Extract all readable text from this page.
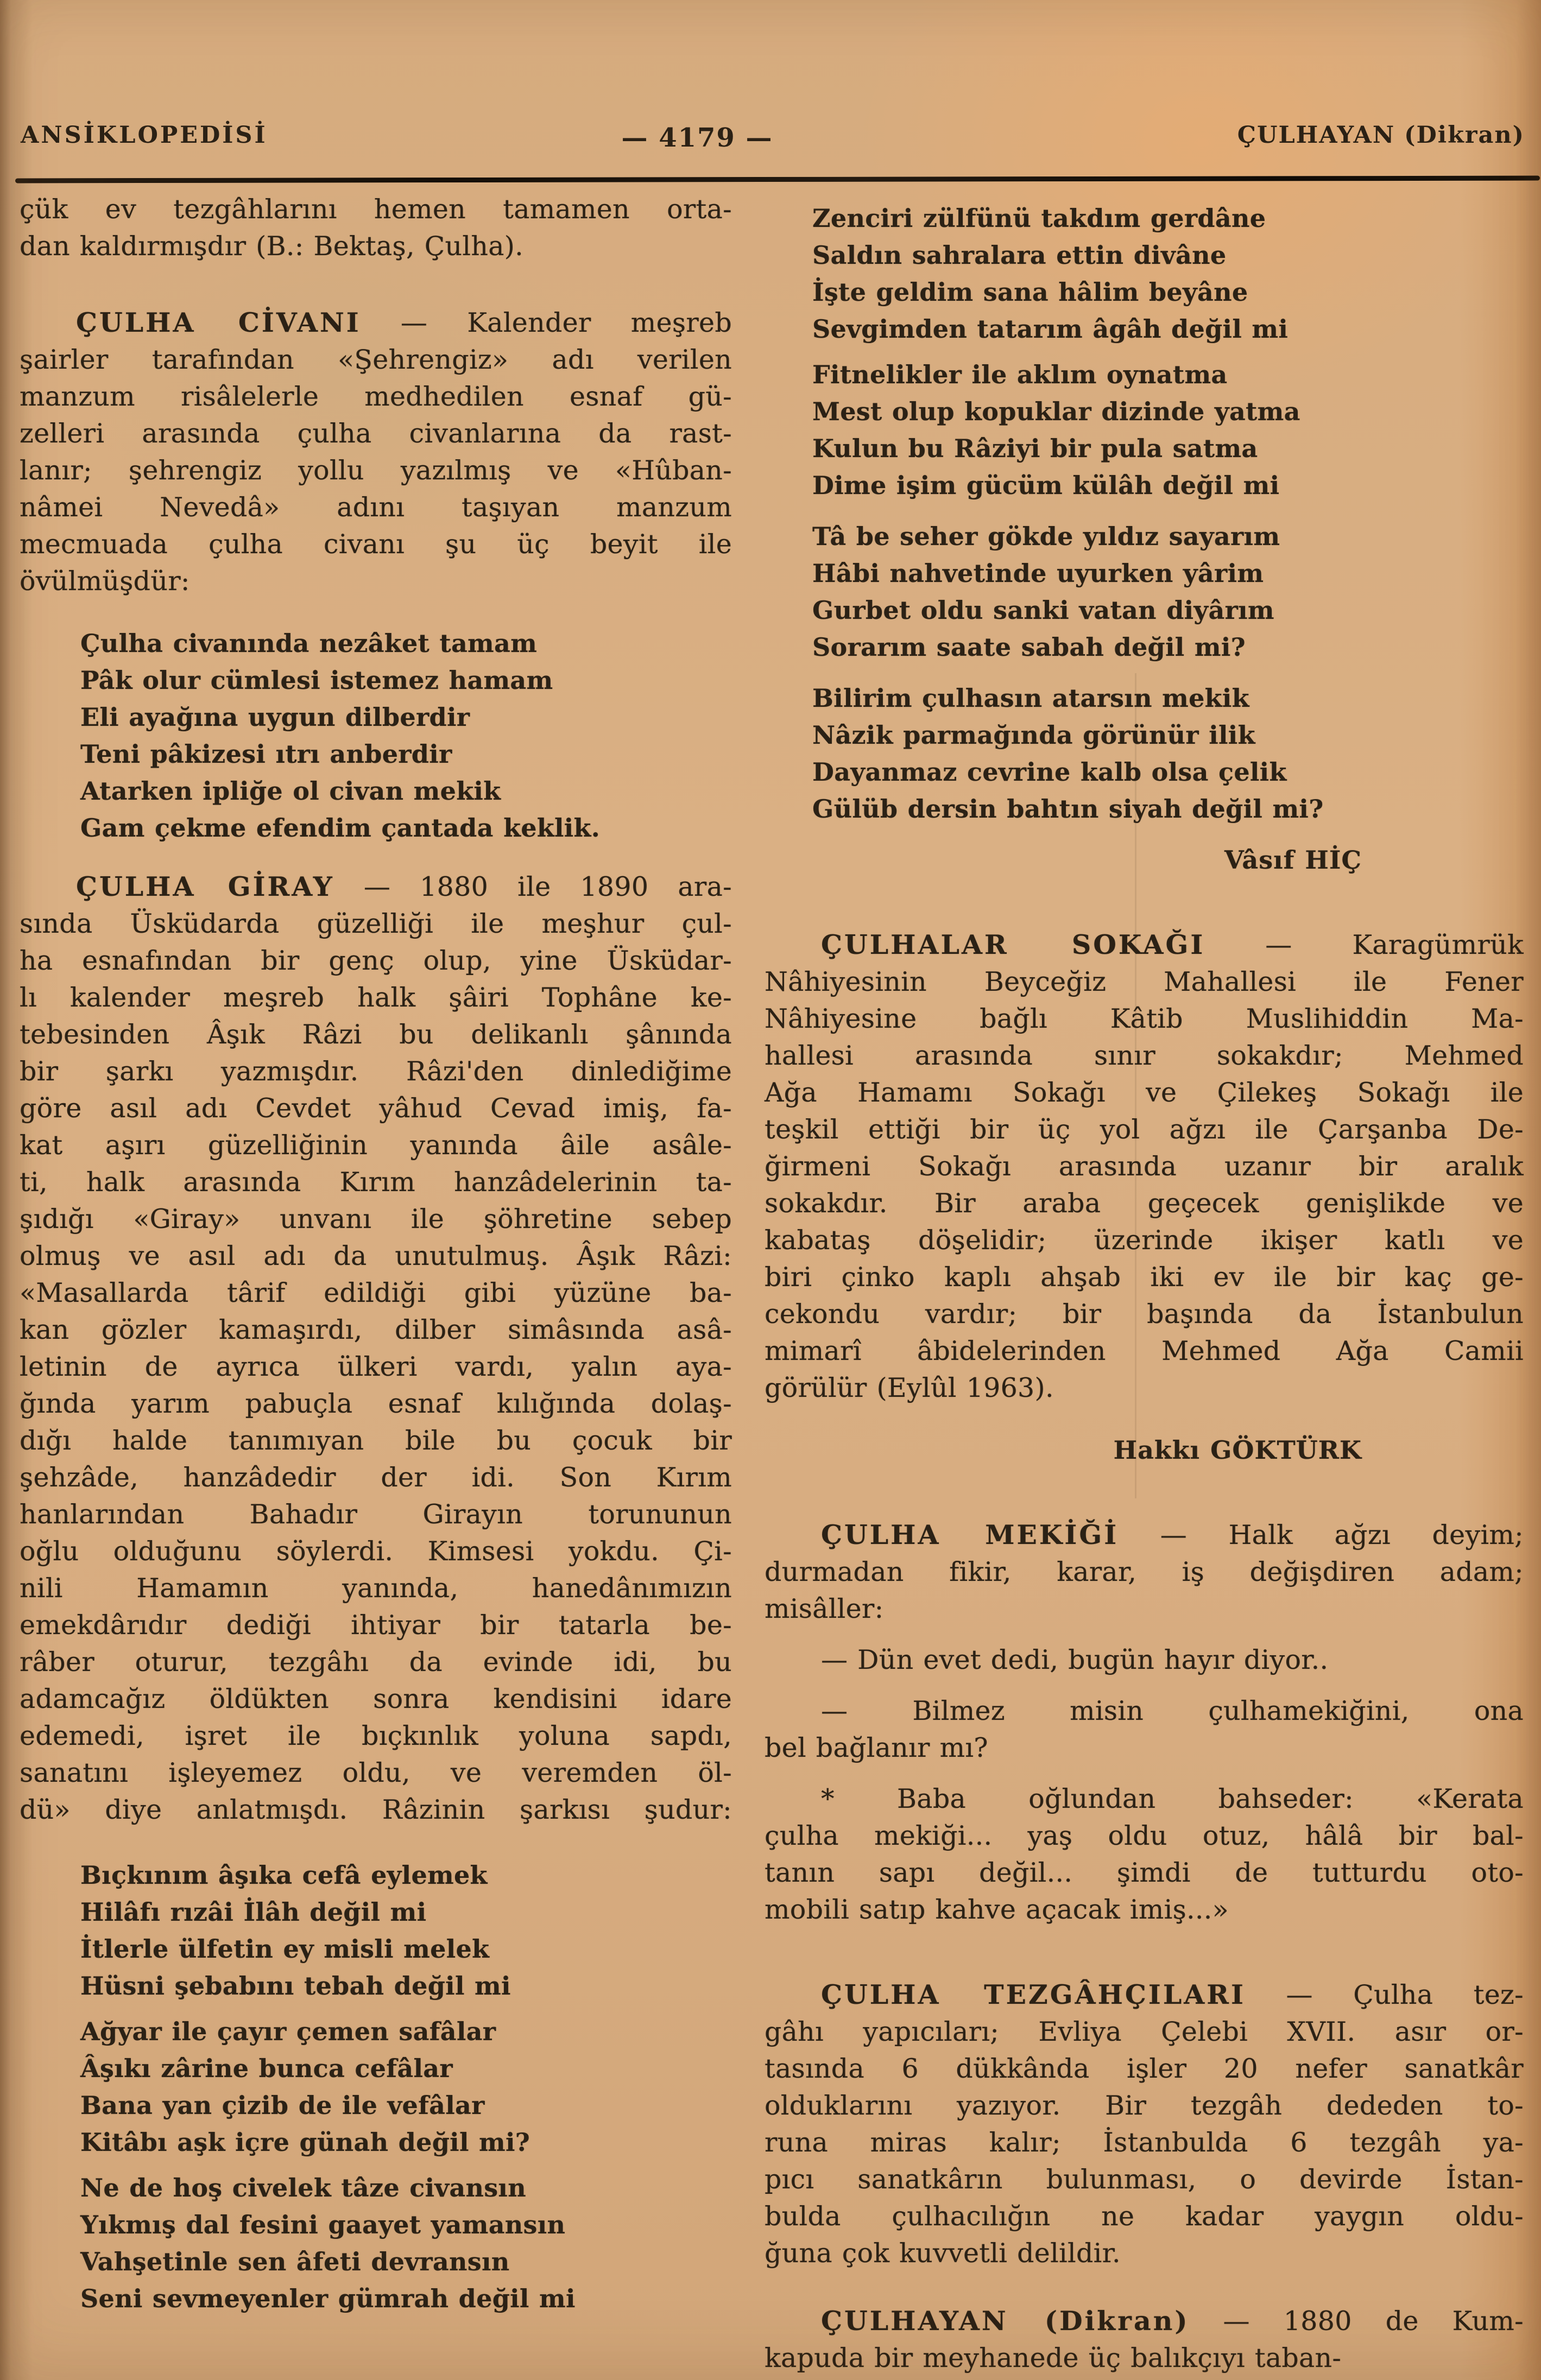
ANSİKLOPEDİSİ	— 4179 —	ÇULHAYAN (Dikran)
çük ev tezgâhlarını hemen tamamen orta-
dan kaldırmışdır (B.: Bektaş, Çulha).
ÇULHA CİVANI — Kalender meşreb
şairler tarafından «Şehrengiz» adı verilen
manzum risâlelerle medhedilen esnaf gü-
zelleri arasında çulha civanlarına da rast-
lanır; şehrengiz yollu yazılmış ve «Hûban-
nâmei Nevedâ» adını taşıyan manzum
mecmuada çulha civanı şu üç beyit ile
övülmüşdür:
Çulha civanında nezâket tamam
Pâk olur cümlesi istemez hamam
Eli ayağına uygun dilberdir
Teni pâkizesi ıtrı anberdir
Atarken ipliğe ol civan mekik
Gam çekme efendim çantada keklik.
ÇULHA GİRAY — 1880 ile 1890 ara-
sında Üsküdarda güzelliği ile meşhur çul-
ha esnafından bir genç olup, yine Üsküdar-
lı kalender meşreb halk şâiri Tophâne ke-
tebesinden Âşık Râzi bu delikanlı şânında
bir şarkı yazmışdır. Râzi'den dinlediğime
göre asıl adı Cevdet yâhud Cevad imiş, fa-
kat aşırı güzelliğinin yanında âile asâle-
ti, halk arasında Kırım hanzâdelerinin ta-
şıdığı «Giray» unvanı ile şöhretine sebep
olmuş ve asıl adı da unutulmuş. Âşık Râzi:
«Masallarda târif edildiği gibi yüzüne ba-
kan gözler kamaşırdı, dilber simâsında asâ-
letinin de ayrıca ülkeri vardı, yalın aya-
ğında yarım pabuçla esnaf kılığında dolaş-
dığı halde tanımıyan bile bu çocuk bir
şehzâde, hanzâdedir der idi. Son Kırım
hanlarından Bahadır Girayın torununun
oğlu olduğunu söylerdi. Kimsesi yokdu. Çi-
nili Hamamın yanında, hanedânımızın
emekdârıdır dediği ihtiyar bir tatarla be-
râber oturur, tezgâhı da evinde idi, bu
adamcağız öldükten sonra kendisini idare
edemedi, işret ile bıçkınlık yoluna sapdı,
sanatını işleyemez oldu, ve veremden öl-
dü» diye anlatmışdı. Râzinin şarkısı şudur:
Bıçkınım âşıka cefâ eylemek
Hilâfı rızâi İlâh değil mi
İtlerle ülfetin ey misli melek
Hüsni şebabını tebah değil mi
Ağyar ile çayır çemen safâlar
Âşıkı zârine bunca cefâlar
Bana yan çizib de ile vefâlar
Kitâbı aşk içre günah değil mi?
Ne de hoş civelek tâze civansın
Yıkmış dal fesini gaayet yamansın
Vahşetinle sen âfeti devransın
Seni sevmeyenler gümrah değil mi
Zenciri zülfünü takdım gerdâne
Saldın sahralara ettin divâne
İşte geldim sana hâlim beyâne
Sevgimden tatarım âgâh değil mi
Fitnelikler ile aklım oynatma
Mest olup kopuklar dizinde yatma
Kulun bu Râziyi bir pula satma
Dime işim gücüm külâh değil mi
Tâ be seher gökde yıldız sayarım
Hâbi nahvetinde uyurken yârim
Gurbet oldu sanki vatan diyârım
Sorarım saate sabah değil mi?
Bilirim çulhasın atarsın mekik
Nâzik parmağında görünür ilik
Dayanmaz cevrine kalb olsa çelik
Gülüb dersin bahtın siyah değil mi?
Vâsıf HİÇ
ÇULHALAR SOKAĞI — Karagümrük
Nâhiyesinin Beyceğiz Mahallesi ile Fener
Nâhiyesine bağlı Kâtib Muslihiddin Ma-
hallesi arasında sınır sokakdır; Mehmed
Ağa Hamamı Sokağı ve Çilekeş Sokağı ile
teşkil ettiği bir üç yol ağzı ile Çarşanba De-
ğirmeni Sokağı arasında uzanır bir aralık
sokakdır. Bir araba geçecek genişlikde ve
kabataş döşelidir; üzerinde ikişer katlı ve
biri çinko kaplı ahşab iki ev ile bir kaç ge-
cekondu vardır; bir başında da İstanbulun
mimarî âbidelerinden Mehmed Ağa Camii
görülür (Eylûl 1963).
Hakkı GÖKTÜRK
ÇULHA MEKİĞİ — Halk ağzı deyim;
durmadan fikir, karar, iş değişdiren adam;
misâller:
— Dün evet dedi, bugün hayır diyor..
— Bilmez misin çulhamekiğini, ona
bel bağlanır mı?
* Baba oğlundan bahseder: «Kerata
çulha mekiği... yaş oldu otuz, hâlâ bir bal-
tanın sapı değil... şimdi de tutturdu oto-
mobili satıp kahve açacak imiş...»
ÇULHA TEZGÂHÇILARI — Çulha tez-
gâhı yapıcıları; Evliya Çelebi XVII. asır or-
tasında 6 dükkânda işler 20 nefer sanatkâr
olduklarını yazıyor. Bir tezgâh dededen to-
runa miras kalır; İstanbulda 6 tezgâh ya-
pıcı sanatkârın bulunması, o devirde İstan-
bulda çulhacılığın ne kadar yaygın oldu-
ğuna çok kuvvetli delildir.
ÇULHAYAN (Dikran) — 1880 de Kum-
kapuda bir meyhanede üç balıkçıyı taban-
